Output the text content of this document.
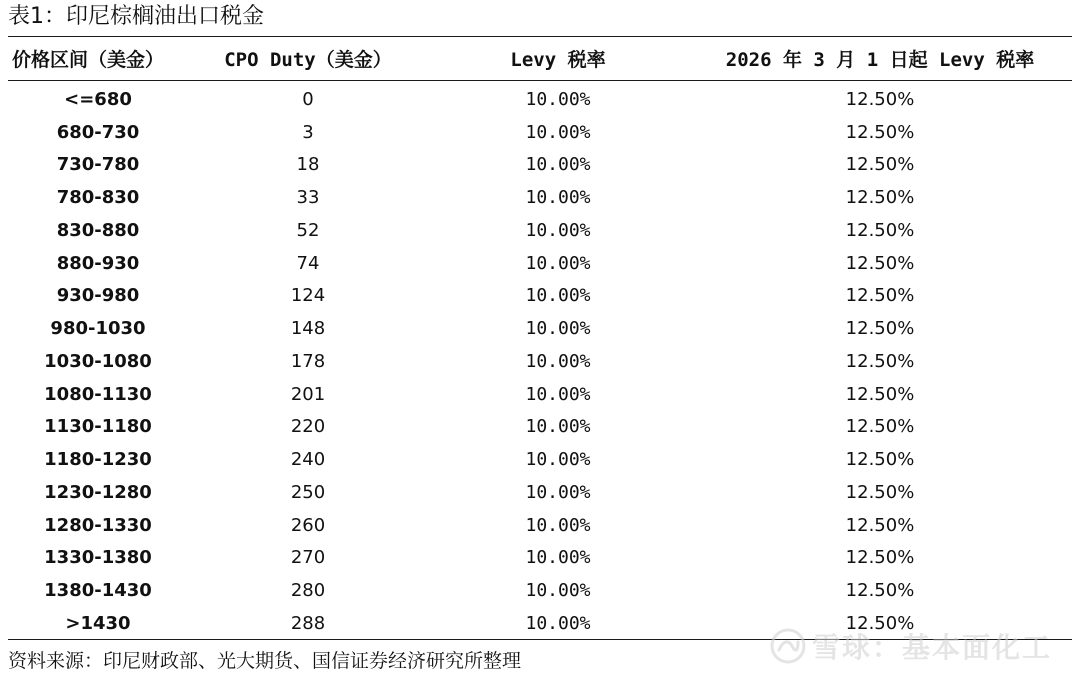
表1：印尼棕榈油出口税金
价格区间（美金）	CPO Duty（美金）	Levy 税率	2026 年 3 月 1 日起 Levy 税率
<=680	0	10.00%	12.50%
680-730	3	10.00%	12.50%
730-780	18	10.00%	12.50%
780-830	33	10.00%	12.50%
830-880	52	10.00%	12.50%
880-930	74	10.00%	12.50%
930-980	124	10.00%	12.50%
980-1030	148	10.00%	12.50%
1030-1080	178	10.00%	12.50%
1080-1130	201	10.00%	12.50%
1130-1180	220	10.00%	12.50%
1180-1230	240	10.00%	12.50%
1230-1280	250	10.00%	12.50%
1280-1330	260	10.00%	12.50%
1330-1380	270	10.00%	12.50%
1380-1430	280	10.00%	12.50%
>1430	288	10.00%	12.50%
资料来源：印尼财政部、光大期货、国信证券经济研究所整理	雪球：基本面化工
